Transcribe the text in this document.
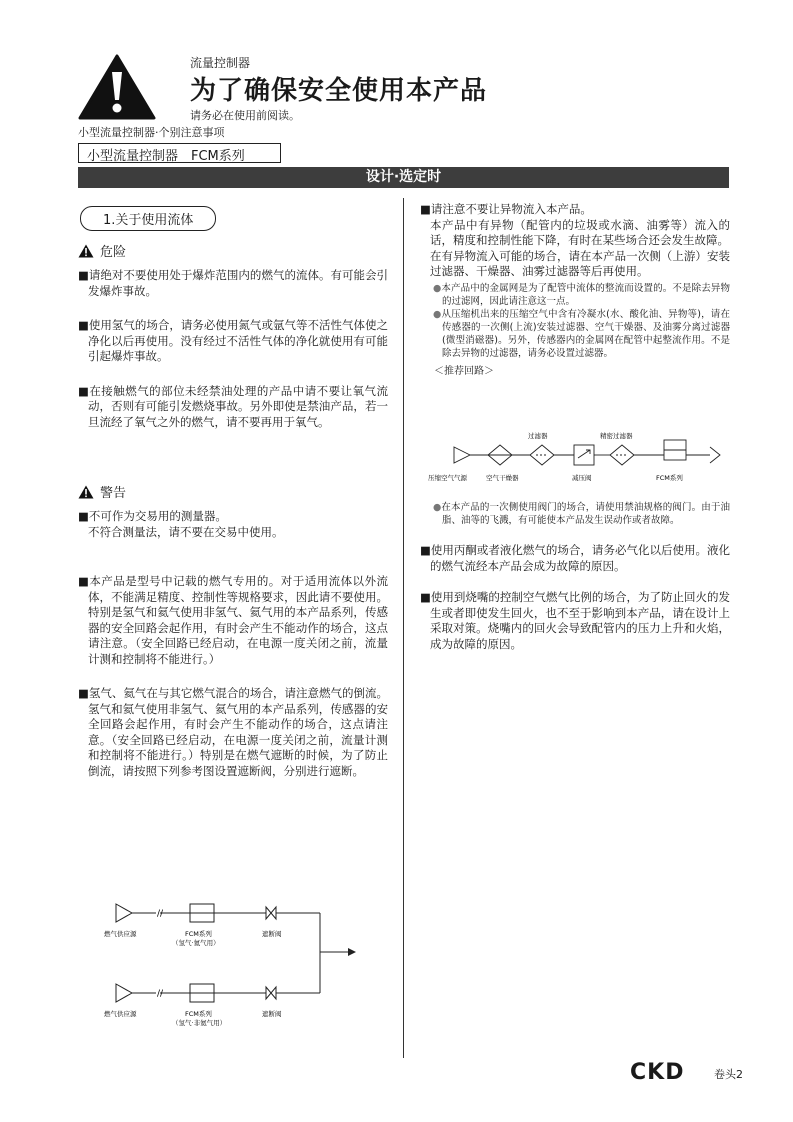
流量控制器
为了确保安全使用本产品
请务必在使用前阅读。
小型流量控制器·个别注意事项
小型流量控制器　FCM系列
设计·选定时
1.关于使用流体
危险
■请绝对不要使用处于爆炸范围内的燃气的流体。有可能会引发爆炸事故。
■使用氢气的场合，请务必使用氮气或氩气等不活性气体使之净化以后再使用。没有经过不活性气体的净化就使用有可能引起爆炸事故。
■在接触燃气的部位未经禁油处理的产品中请不要让氧气流动，否则有可能引发燃烧事故。另外即使是禁油产品，若一旦流经了氧气之外的燃气，请不要再用于氧气。
警告
■不可作为交易用的测量器。
不符合测量法，请不要在交易中使用。
■本产品是型号中记载的燃气专用的。对于适用流体以外流体，不能满足精度、控制性等规格要求，因此请不要使用。特别是氢气和氦气使用非氢气、氦气用的本产品系列，传感器的安全回路会起作用，有时会产生不能动作的场合，这点请注意。（安全回路已经启动，在电源一度关闭之前，流量计测和控制将不能进行。）
■氢气、氦气在与其它燃气混合的场合，请注意燃气的倒流。氢气和氦气使用非氢气、氦气用的本产品系列，传感器的安全回路会起作用，有时会产生不能动作的场合，这点请注意。（安全回路已经启动，在电源一度关闭之前，流量计测和控制将不能进行。）特别是在燃气遮断的时候，为了防止倒流，请按照下列参考图设置遮断阀，分别进行遮断。
//
//
燃气供应源	FCM系列
（氢气·氦气用）
遮断阀
燃气供应源	FCM系列
（氢气·非氦气用）
遮断阀
■请注意不要让异物流入本产品。
本产品中有异物（配管内的垃圾或水滴、油雾等）流入的话，精度和控制性能下降，有时在某些场合还会发生故障。
在有异物流入可能的场合，请在本产品一次侧（上游）安装过滤器、干燥器、油雾过滤器等后再使用。
●本产品中的金属网是为了配管中流体的整流而设置的。不是除去异物的过滤网，因此请注意这一点。
●从压缩机出来的压缩空气中含有冷凝水(水、酸化油、异物等)，请在传感器的一次侧(上流)安装过滤器、空气干燥器、及油雾分离过滤器(微型消磁器)。另外，传感器内的金属网在配管中起整流作用。不是除去异物的过滤器，请务必设置过滤器。
＜推荐回路＞
过滤器	精密过滤器
压缩空气气源	空气干燥器	减压阀	FCM系列
●在本产品的一次侧使用阀门的场合，请使用禁油规格的阀门。由于油脂、油等的飞溅，有可能使本产品发生误动作或者故障。
■使用丙酮或者液化燃气的场合，请务必气化以后使用。液化的燃气流经本产品会成为故障的原因。
■使用到烧嘴的控制空气燃气比例的场合，为了防止回火的发生或者即使发生回火，也不至于影响到本产品，请在设计上采取对策。烧嘴内的回火会导致配管内的压力上升和火焰，成为故障的原因。
CKD	卷头2
